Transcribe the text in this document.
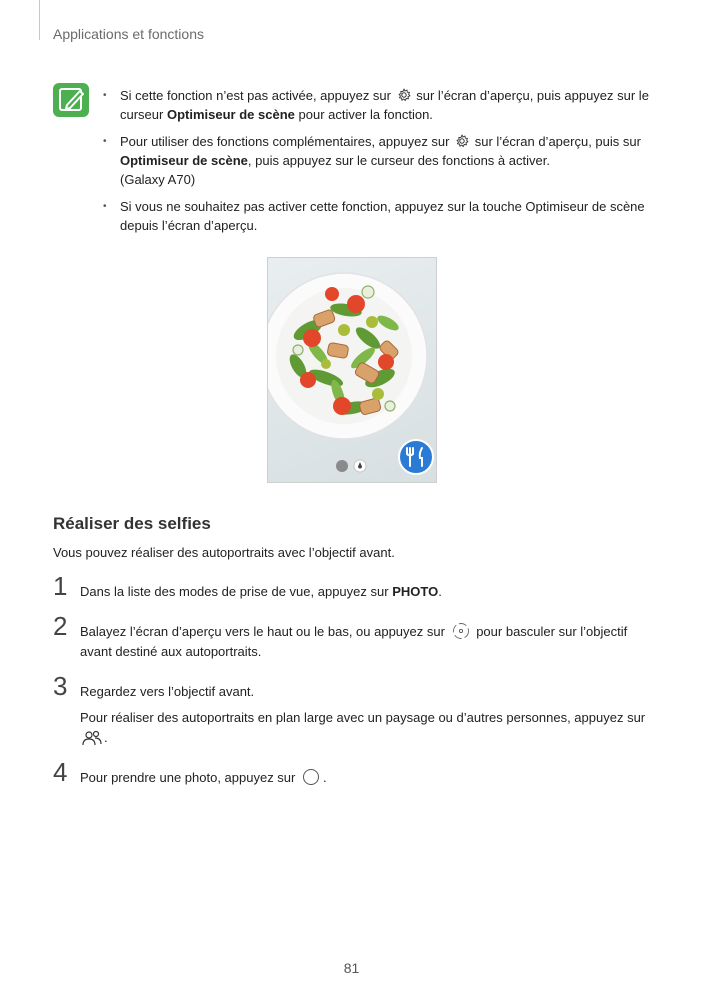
Applications et fonctions
• Si cette fonction n’est pas activée, appuyez sur sur l’écran d’aperçu, puis appuyez sur le curseur Optimiseur de scène pour activer la fonction.
• Pour utiliser des fonctions complémentaires, appuyez sur sur l’écran d’aperçu, puis sur
Optimiseur de scène, puis appuyez sur le curseur des fonctions à activer.
(Galaxy A70)
• Si vous ne souhaitez pas activer cette fonction, appuyez sur la touche Optimiseur de scène depuis l’écran d’aperçu.
Réaliser des selfies
Vous pouvez réaliser des autoportraits avec l’objectif avant.
1 Dans la liste des modes de prise de vue, appuyez sur PHOTO.
2 Balayez l’écran d’aperçu vers le haut ou le bas, ou appuyez sur pour basculer sur l’objectif avant destiné aux autoportraits.
3 Regardez vers l’objectif avant.
Pour réaliser des autoportraits en plan large avec un paysage ou d’autres personnes, appuyez sur .
4 Pour prendre une photo, appuyez sur .
81
